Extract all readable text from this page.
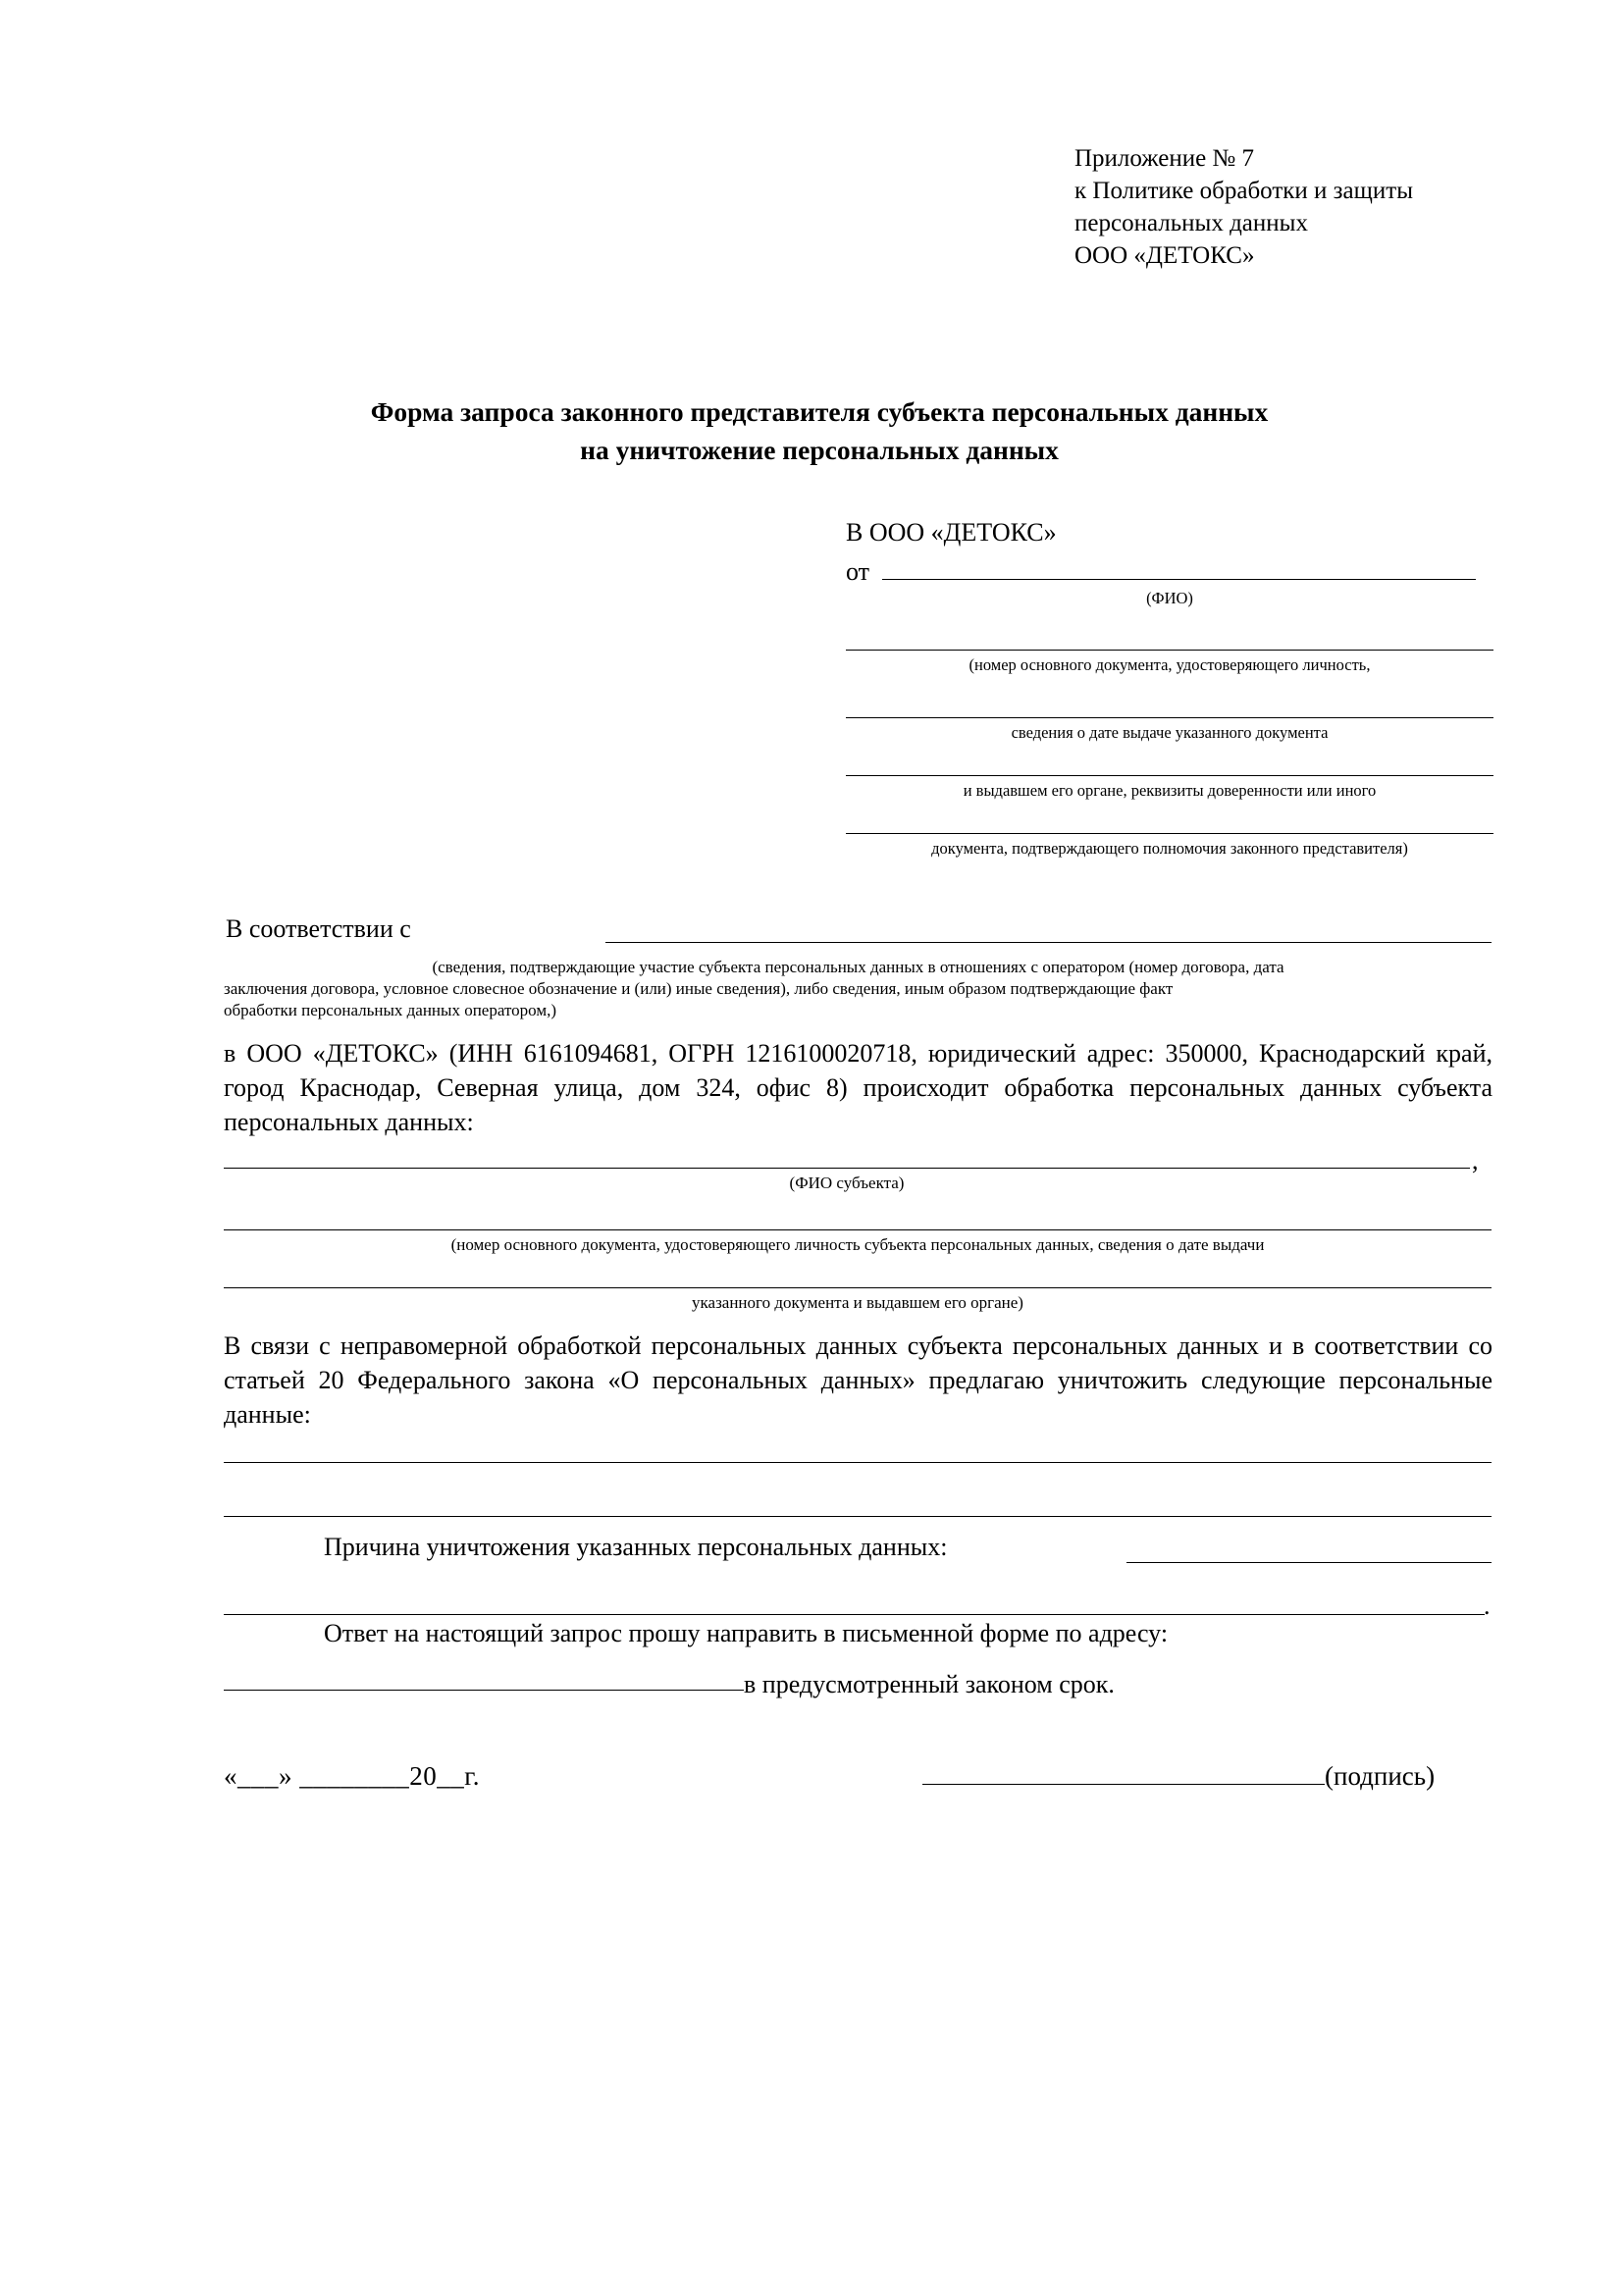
Приложение № 7
к Политике обработки и защиты
персональных данных
ООО «ДЕТОКС»
Форма запроса законного представителя субъекта персональных данных
на уничтожение персональных данных
В ООО «ДЕТОКС»
от
(ФИО)
(номер основного документа, удостоверяющего личность,
сведения о дате выдаче указанного документа
и выдавшем его органе, реквизиты доверенности или иного
документа, подтверждающего полномочия законного представителя)
В соответствии с
(сведения, подтверждающие участие субъекта персональных данных в отношениях с оператором (номер договора, дата
заключения договора, условное словесное обозначение и (или) иные сведения), либо сведения, иным образом подтверждающие факт
обработки персональных данных оператором,)
в ООО «ДЕТОКС» (ИНН 6161094681, ОГРН 1216100020718, юридический адрес: 350000, Краснодарский край, город Краснодар, Северная улица, дом 324, офис 8) происходит обработка персональных данных субъекта персональных данных:
,
(ФИО субъекта)
(номер основного документа, удостоверяющего личность субъекта персональных данных, сведения о дате выдачи
указанного документа и выдавшем его органе)
В связи с неправомерной обработкой персональных данных субъекта персональных данных и в соответствии со статьей 20 Федерального закона «О персональных данных» предлагаю уничтожить следующие персональные данные:
Причина уничтожения указанных персональных данных:
.
Ответ на настоящий запрос прошу направить в письменной форме по адресу:
в предусмотренный законом срок.
«___» ________20__г.	(подпись)
